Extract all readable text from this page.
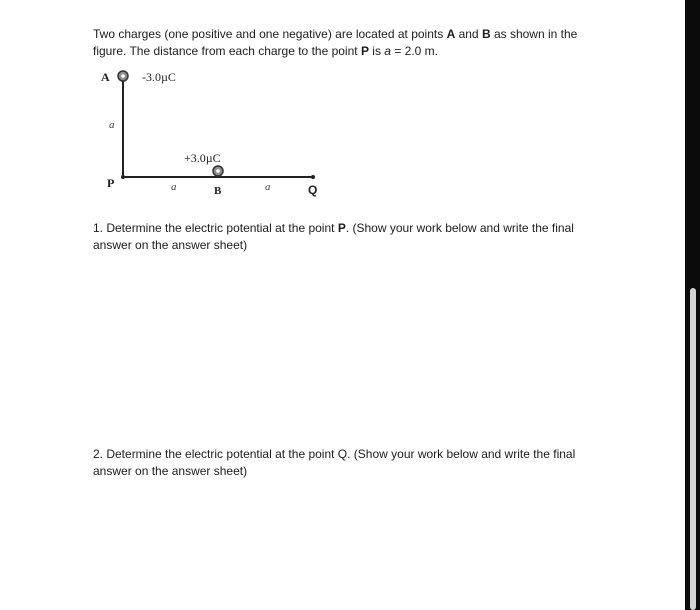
Two charges (one positive and one negative) are located at points A and B as shown in the figure. The distance from each charge to the point P is a = 2.0 m.
A	-3.0µC
a
+3.0µC
P	a	B	a	Q
1. Determine the electric potential at the point P. (Show your work below and write the final answer on the answer sheet)
2. Determine the electric potential at the point Q. (Show your work below and write the final answer on the answer sheet)
